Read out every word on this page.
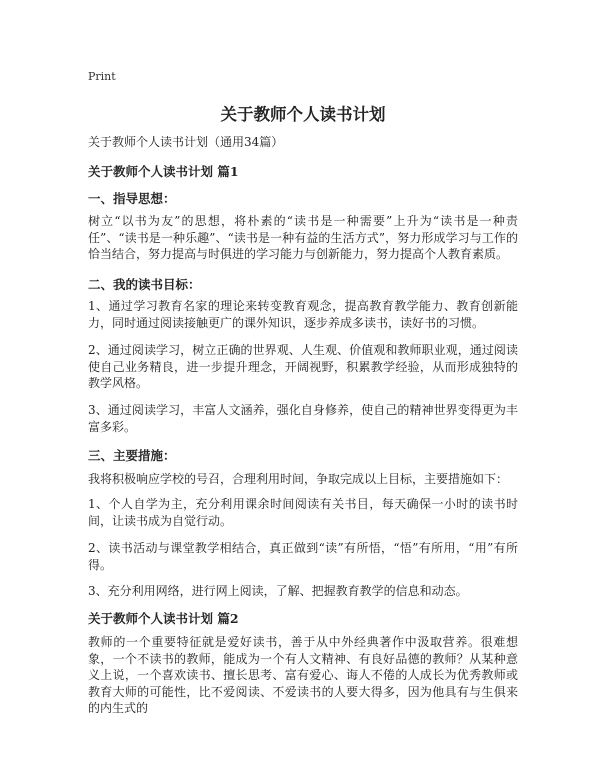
Print
关于教师个人读书计划
关于教师个人读书计划（通用34篇）
关于教师个人读书计划 篇1
一、指导思想：
树立“以书为友”的思想，将朴素的“读书是一种需要”上升为“读书是一种责任”、“读书是一种乐趣”、“读书是一种有益的生活方式”，努力形成学习与工作的恰当结合，努力提高与时俱进的学习能力与创新能力，努力提高个人教育素质。
二、我的读书目标：
1、通过学习教育名家的理论来转变教育观念，提高教育教学能力、教育创新能力，同时通过阅读接触更广的课外知识，逐步养成多读书，读好书的习惯。
2、通过阅读学习，树立正确的世界观、人生观、价值观和教师职业观，通过阅读使自己业务精良，进一步提升理念，开阔视野，积累教学经验，从而形成独特的教学风格。
3、通过阅读学习，丰富人文涵养，强化自身修养，使自己的精神世界变得更为丰富多彩。
三、主要措施：
我将积极响应学校的号召，合理利用时间，争取完成以上目标，主要措施如下：
1、个人自学为主，充分利用课余时间阅读有关书目，每天确保一小时的读书时间，让读书成为自觉行动。
2、读书活动与课堂教学相结合，真正做到“读”有所悟，“悟”有所用，“用”有所得。
3、充分利用网络，进行网上阅读，了解、把握教育教学的信息和动态。
关于教师个人读书计划 篇2
教师的一个重要特征就是爱好读书，善于从中外经典著作中汲取营养。很难想象，一个不读书的教师，能成为一个有人文精神、有良好品德的教师？从某种意义上说，一个喜欢读书、擅长思考、富有爱心、诲人不倦的人成长为优秀教师或教育大师的可能性，比不爱阅读、不爱读书的人要大得多，因为他具有与生俱来的内生式的
